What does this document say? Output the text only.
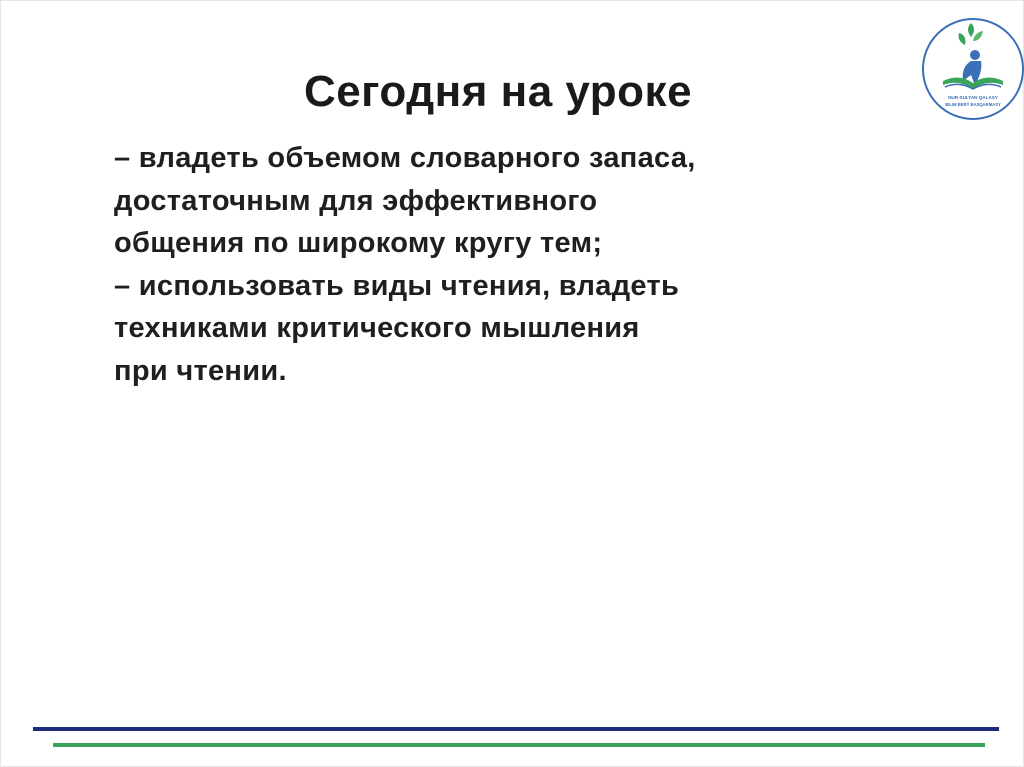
NUR-SULTAN QALASY
BILIM BERÝ BASQARMASY
Сегодня на уроке
– владеть объемом словарного запаса,
достаточным для эффективного
общения по широкому кругу тем;
– использовать виды чтения, владеть
техниками критического мышления
при чтении.
